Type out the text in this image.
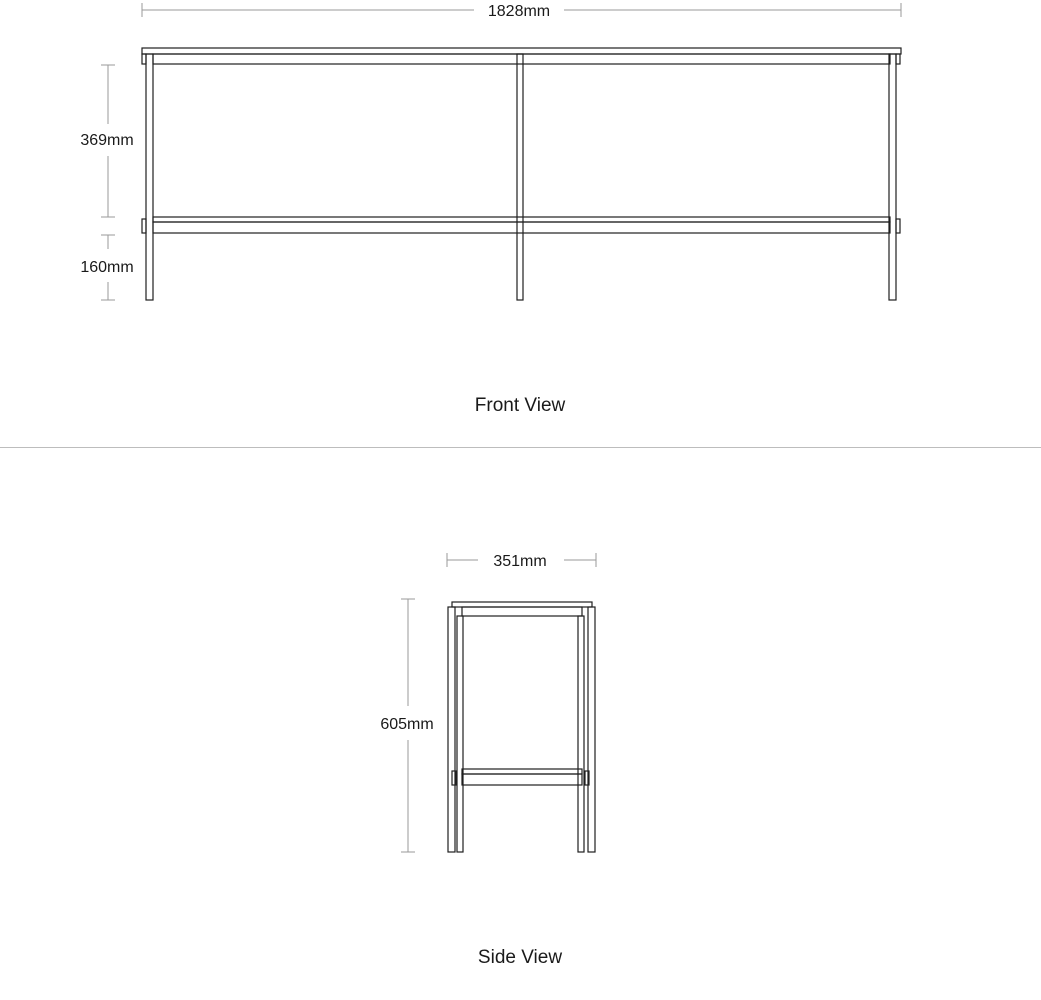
1828mm
369mm
160mm
Front View
351mm
605mm
Side View
